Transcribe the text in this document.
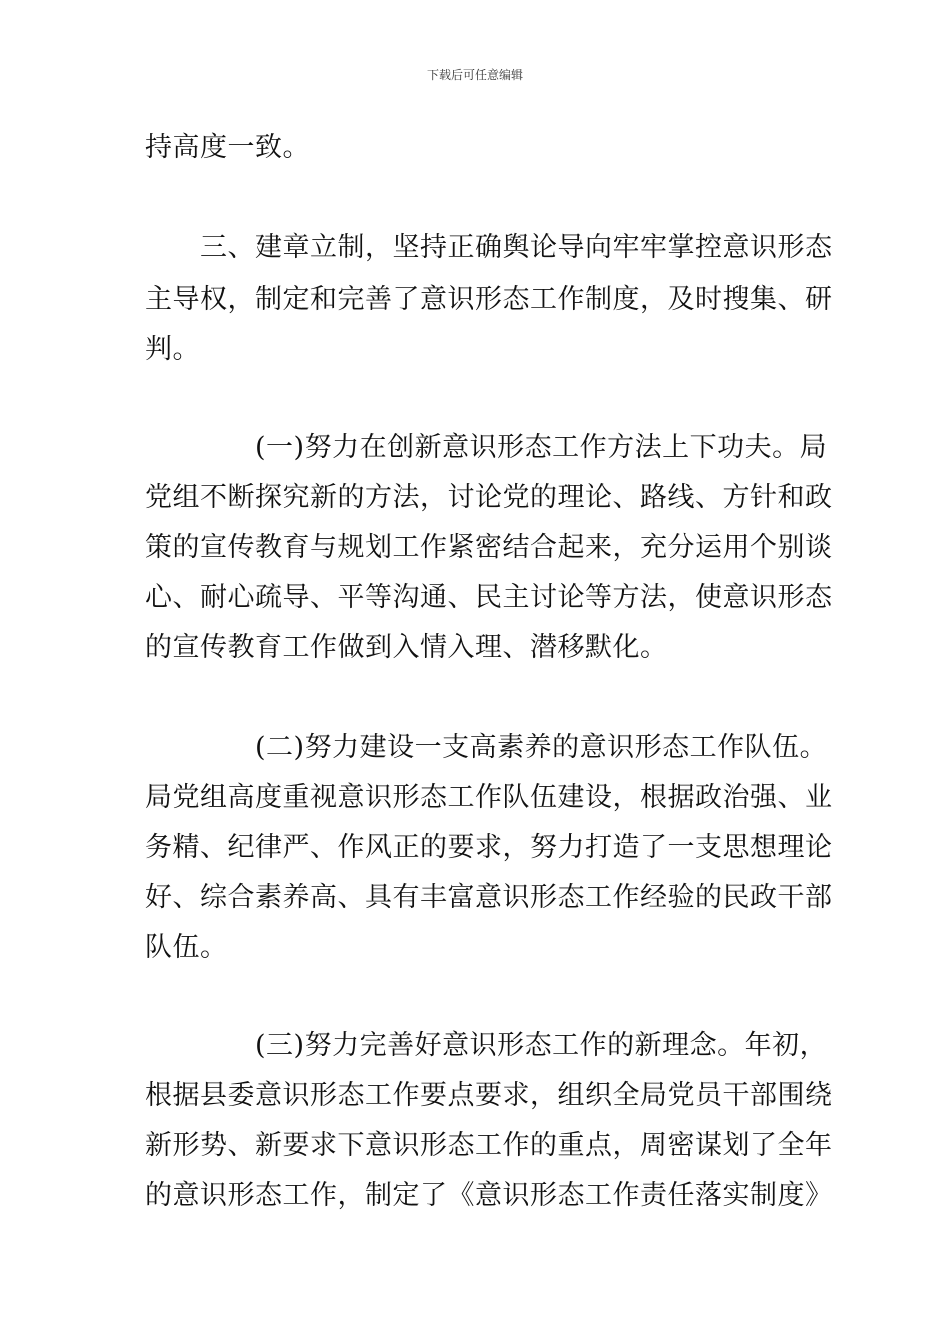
下载后可任意编辑
持高度一致。
　　三、建章立制，坚持正确舆论导向牢牢掌控意识形态
主导权，制定和完善了意识形态工作制度，及时搜集、研
判。
　　　　(一)努力在创新意识形态工作方法上下功夫。局
党组不断探究新的方法，讨论党的理论、路线、方针和政
策的宣传教育与规划工作紧密结合起来，充分运用个别谈
心、耐心疏导、平等沟通、民主讨论等方法，使意识形态
的宣传教育工作做到入情入理、潜移默化。
　　　　(二)努力建设一支高素养的意识形态工作队伍。
局党组高度重视意识形态工作队伍建设，根据政治强、业
务精、纪律严、作风正的要求，努力打造了一支思想理论
好、综合素养高、具有丰富意识形态工作经验的民政干部
队伍。
　　　　(三)努力完善好意识形态工作的新理念。年初，
根据县委意识形态工作要点要求，组织全局党员干部围绕
新形势、新要求下意识形态工作的重点，周密谋划了全年
的意识形态工作，制定了《意识形态工作责任落实制度》
